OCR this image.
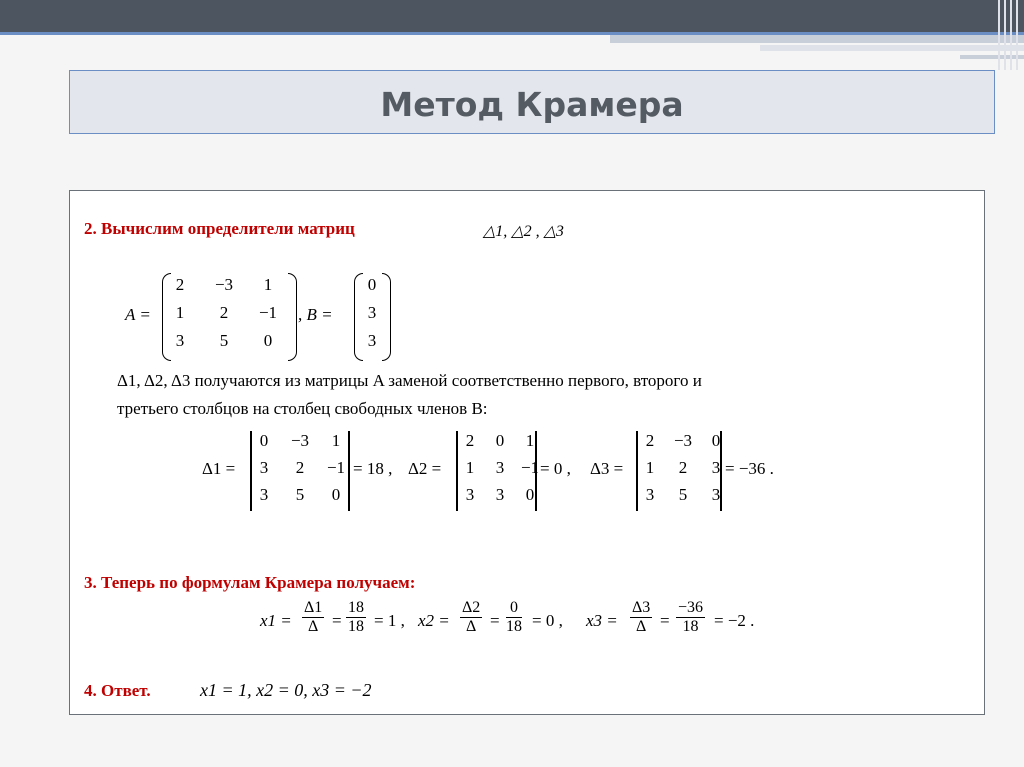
Метод Крамера
2. Вычислим определители матриц	△1, △2 , △3
A =
2	−3	1
1	2	−1
3	5	0
, B =
0
3
3
Δ1, Δ2, Δ3 получаются из матрицы A заменой соответственно первого, второго и
третьего столбцов на столбец свободных членов B:
Δ1 =
0	−3	1
3	2	−1
3	5	0
= 18 , Δ2 =
2	0	1
1	3 −1
3	3	0
= 0 , Δ3 =
2	−3	0
1	2	3
3	5	3
= −36 .
3. Теперь по формулам Крамера получаем:
$x1 = \frac{\Delta 1}{\Delta} = \frac{18}{18} = 1$ , $x2 = \frac{\Delta 2}{\Delta} = \frac{0}{18} = 0$ , $x3 = \frac{\Delta 3}{\Delta} = \frac{-36}{18} = -2$ .
4. Ответ.	x1 = 1, x2 = 0, x3 = −2
